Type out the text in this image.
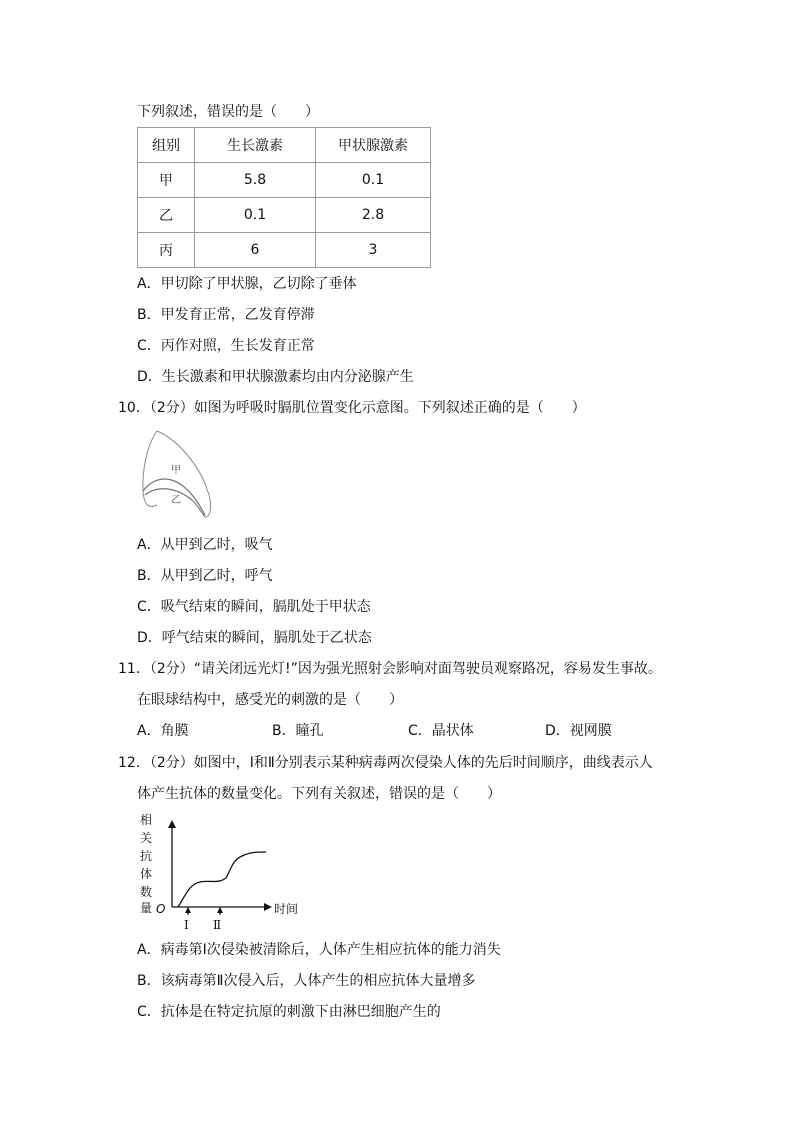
下列叙述，错误的是（　　）
组别	生长激素	甲状腺激素
甲	5.8	0.1
乙	0.1	2.8
丙	6	3
A．甲切除了甲状腺，乙切除了垂体
B．甲发育正常，乙发育停滞
C．丙作对照，生长发育正常
D．生长激素和甲状腺激素均由内分泌腺产生
10．（2分）如图为呼吸时膈肌位置变化示意图。下列叙述正确的是（　　）
甲
乙
A．从甲到乙时，吸气
B．从甲到乙时，呼气
C．吸气结束的瞬间，膈肌处于甲状态
D．呼气结束的瞬间，膈肌处于乙状态
11．（2分）“请关闭远光灯!”因为强光照射会影响对面驾驶员观察路况，容易发生事故。
在眼球结构中，感受光的刺激的是（　　）
A．角膜	B．瞳孔	C．晶状体	D．视网膜
12．（2分）如图中，Ⅰ和Ⅱ分别表示某种病毒两次侵染人体的先后时间顺序，曲线表示人
体产生抗体的数量变化。下列有关叙述，错误的是（　　）
相
关
抗
体
数
量 O	时间
Ⅰ Ⅱ
A．病毒第Ⅰ次侵染被清除后，人体产生相应抗体的能力消失
B．该病毒第Ⅱ次侵入后，人体产生的相应抗体大量增多
C．抗体是在特定抗原的刺激下由淋巴细胞产生的
